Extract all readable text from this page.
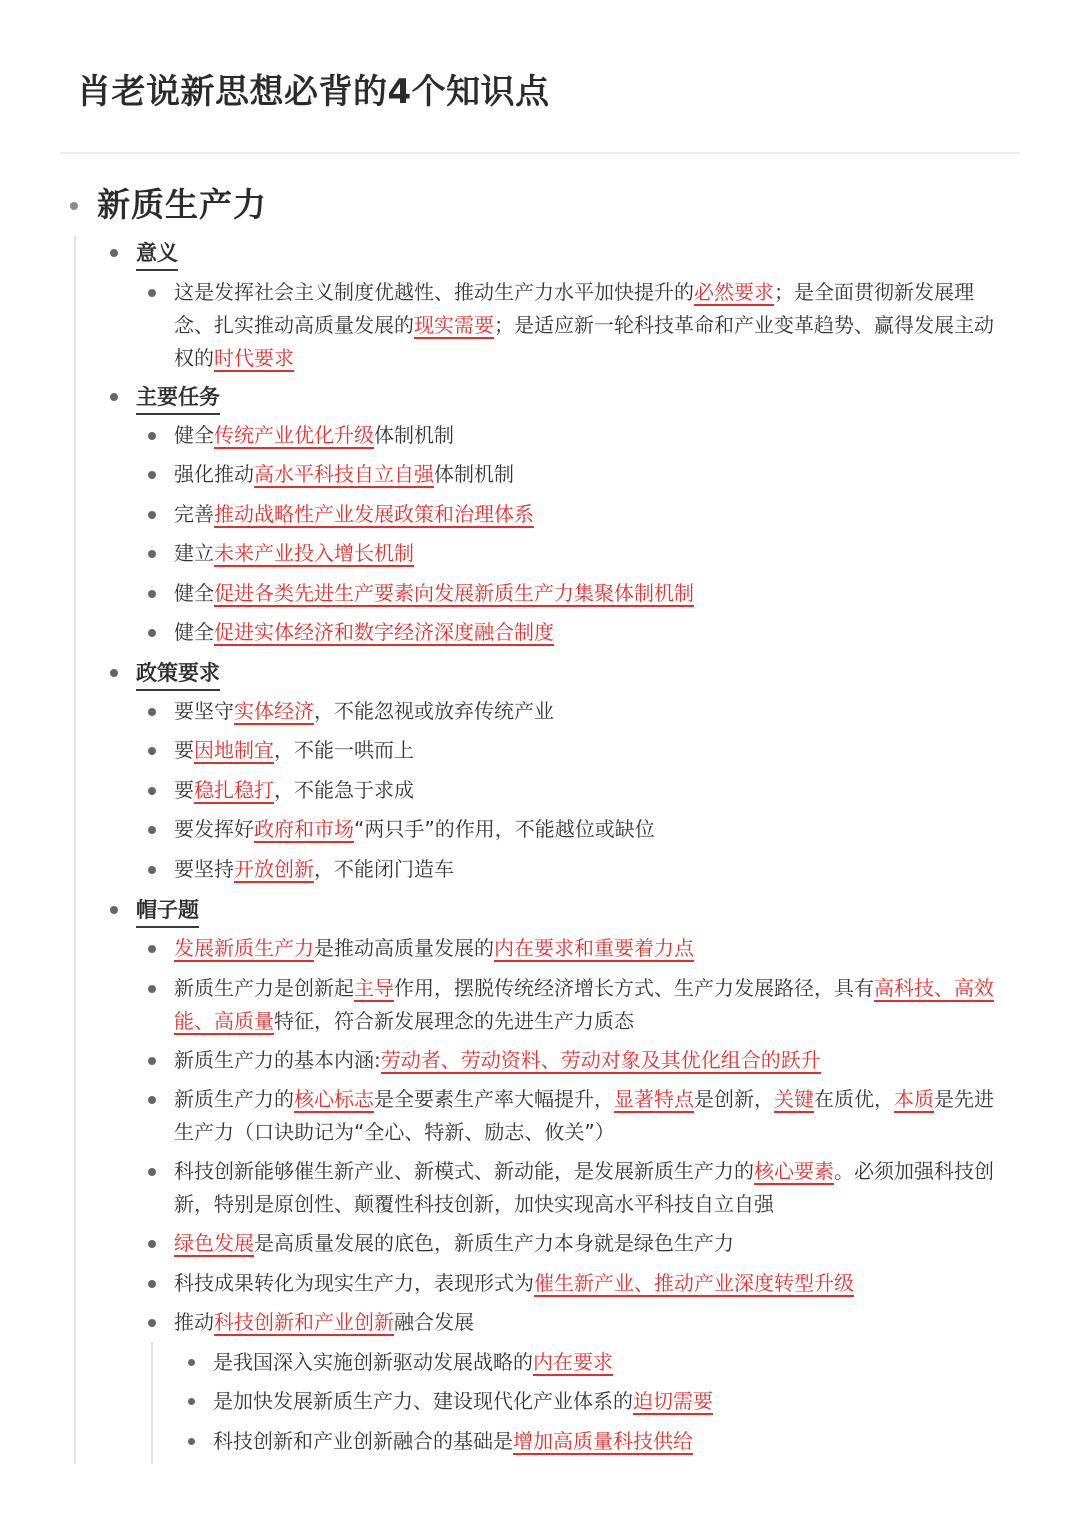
肖老说新思想必背的4个知识点
新质生产力
意义
主要任务
政策要求
帽子题
这是发挥社会主义制度优越性、推动生产力水平加快提升的必然要求；是全面贯彻新发展理念、扎实推动高质量发展的现实需要；是适应新一轮科技革命和产业变革趋势、赢得发展主动权的时代要求
健全传统产业优化升级体制机制
强化推动高水平科技自立自强体制机制
完善推动战略性产业发展政策和治理体系
建立未来产业投入增长机制
健全促进各类先进生产要素向发展新质生产力集聚体制机制
健全促进实体经济和数字经济深度融合制度
要坚守实体经济，不能忽视或放弃传统产业
要因地制宜，不能一哄而上
要稳扎稳打，不能急于求成
要发挥好政府和市场“两只手”的作用，不能越位或缺位
要坚持开放创新，不能闭门造车
发展新质生产力是推动高质量发展的内在要求和重要着力点
新质生产力是创新起主导作用，摆脱传统经济增长方式、生产力发展路径，具有高科技、高效能、高质量特征，符合新发展理念的先进生产力质态
新质生产力的基本内涵:劳动者、劳动资料、劳动对象及其优化组合的跃升
新质生产力的核心标志是全要素生产率大幅提升，显著特点是创新，关键在质优，本质是先进生产力（口诀助记为“全心、特新、励志、攸关”）
科技创新能够催生新产业、新模式、新动能，是发展新质生产力的核心要素。必须加强科技创新，特别是原创性、颠覆性科技创新，加快实现高水平科技自立自强
绿色发展是高质量发展的底色，新质生产力本身就是绿色生产力
科技成果转化为现实生产力，表现形式为催生新产业、推动产业深度转型升级
推动科技创新和产业创新融合发展
是我国深入实施创新驱动发展战略的内在要求
是加快发展新质生产力、建设现代化产业体系的迫切需要
科技创新和产业创新融合的基础是增加高质量科技供给
